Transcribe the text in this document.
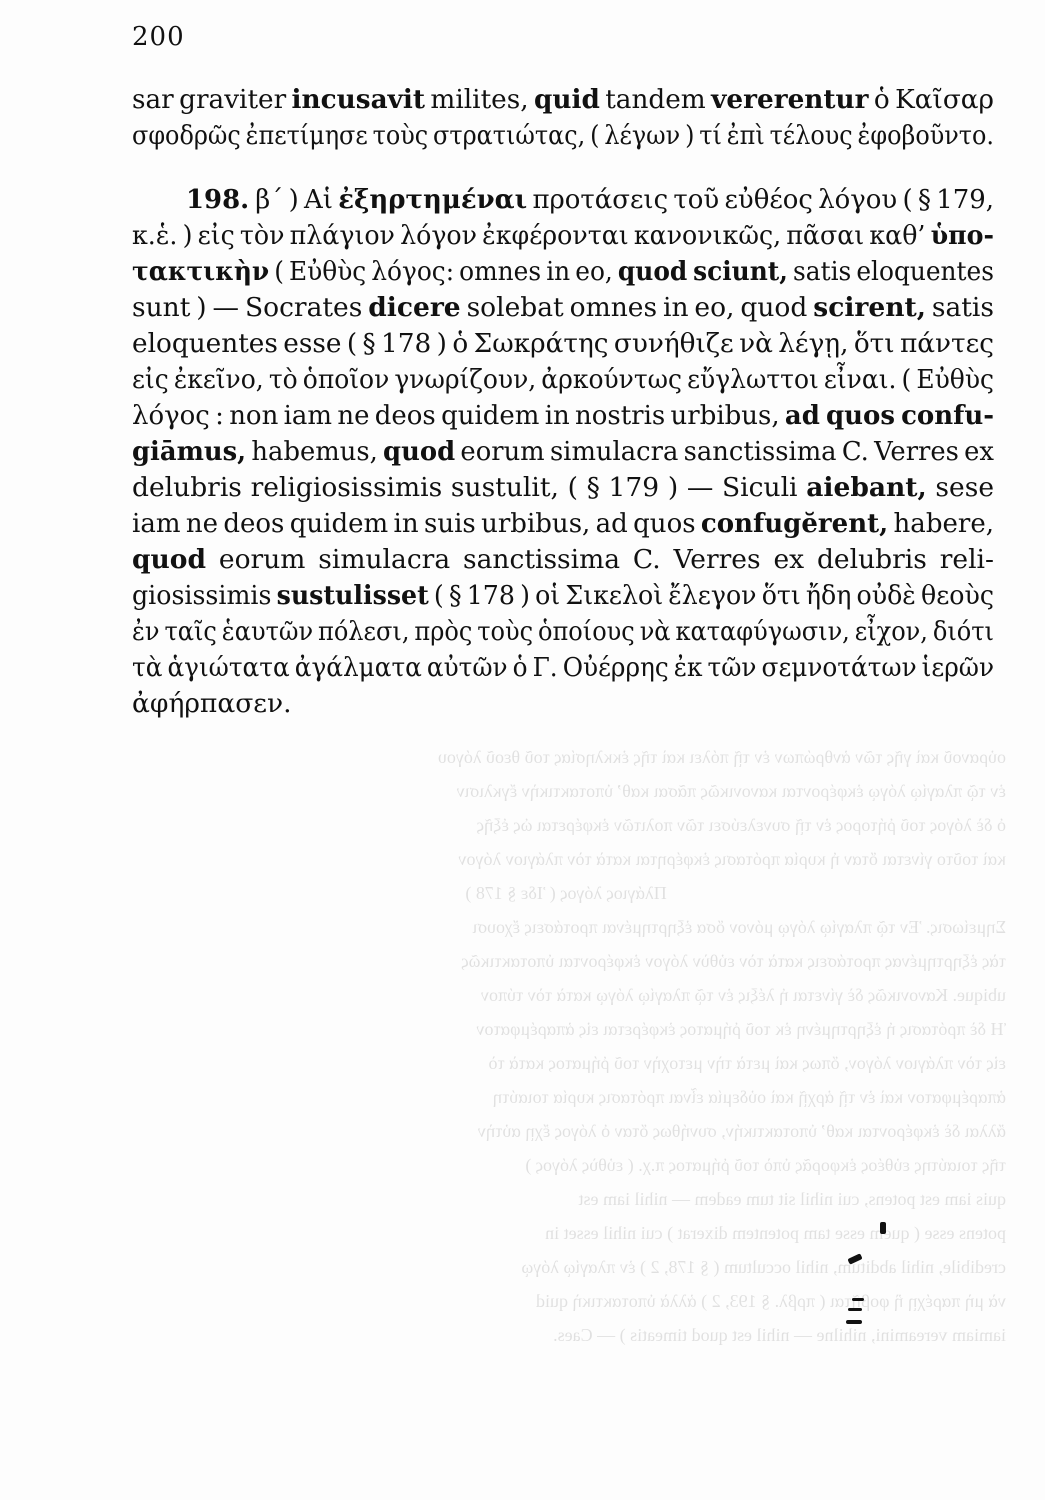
200
sar graviter incusavit milites, quid tandem vererentur ὁ Καῖσαρ
σφοδρῶς ἐπετίμησε τοὺς στρατιώτας, ( λέγων ) τί ἐπὶ τέλους ἐφοβοῦντο.
198. β΄ ) Αἱ ἐξηρτημέναι προτάσεις τοῦ εὐθέος λόγου ( § 179,
κ.ἑ. ) εἰς τὸν πλάγιον λόγον ἐκφέρονται κανονικῶς, πᾶσαι καθ’ ὑπο-
τακτικὴν ( Εὐθὺς λόγος: omnes in eo, quod sciunt, satis eloquentes
sunt ) — Socrates dicere solebat omnes in eo, quod scirent, satis
eloquentes esse ( § 178 ) ὁ Σωκράτης συνήθιζε νὰ λέγῃ, ὅτι πάντες
εἰς ἐκεῖνο, τὸ ὁποῖον γνωρίζουν, ἀρκούντως εὔγλωττοι εἶναι. ( Εὐθὺς
λόγος : non iam ne deos quidem in nostris urbibus, ad quos confu-
giāmus, habemus, quod eorum simulacra sanctissima C. Verres ex
delubris religiosissimis sustulit, ( § 179 ) — Siculi aiebant, sese
iam ne deos quidem in suis urbibus, ad quos confugĕrent, habere,
quod eorum simulacra sanctissima C. Verres ex delubris reli-
giosissimis sustulisset ( § 178 ) οἱ Σικελοὶ ἔλεγον ὅτι ἤδη οὐδὲ θεοὺς
ἐν ταῖς ἑαυτῶν πόλεσι, πρὸς τοὺς ὁποίους νὰ καταφύγωσιν, εἶχον, διότι
τὰ ἁγιώτατα ἀγάλματα αὐτῶν ὁ Γ. Οὐέρρης ἐκ τῶν σεμνοτάτων ἱερῶν
ἀφήρπασεν.
οὐρανοῦ καὶ γῆς τῶν ἀνθρώπων ἐν τῇ πόλει καὶ τῆς ἐκκλησίας τοῦ θεοῦ λόγου
ἐν τῷ πλαγίῳ λόγῳ ἐκφέρονται κανονικῶς πᾶσαι καθ’ ὑποτακτικὴν ἔγκλισιν
ὁ δὲ λόγος τοῦ ῥήτορος ἐν τῇ συνελεύσει τῶν πολιτῶν ἐκφέρεται ὡς ἑξῆς
καὶ τοῦτο γίνεται ὅταν ἡ κυρία πρότασις ἐκφέρηται κατὰ τὸν πλάγιον λόγον
Πλάγιος λόγος ( Ἰδε § 178 )
Σημείωσις. Ἐν τῷ πλαγίῳ λόγῳ μόνον ὅσα ἐξηρτημέναι προτάσεις ἔχουσι
τὰς ἐξηρτημένας προτάσεις κατὰ τὸν εὐθὺν λόγον ἐκφέρονται ὑποτακτικῶς
ubique. Κανονικῶς δὲ γίνεται ἡ λέξις ἐν τῷ πλαγίῳ λόγῳ κατὰ τὸν τύπον
Ἡ δὲ πρότασις ἡ ἐξηρτημένη ἐκ τοῦ ῥήματος ἐκφέρεται εἰς ἀπαρέμφατον
εἰς τὸν πλάγιον λόγον, ὅπως καὶ μετὰ τὴν μετοχὴν τοῦ ῥήματος κατὰ τὸ
ἀπαρέμφατον καὶ ἐν τῇ ἀρχῇ καὶ οὐδεμία εἶναι πρότασις κυρία τοιαύτη
ἄλλαι δὲ ἐκφέρονται καθ’ ὑποτακτικήν, συνήθως ὅταν ὁ λόγος ἔχῃ αὐτὴν
τῆς τοιαύτης εὐθέος ἐκφορᾶς ὑπὸ τοῦ ῥήματος π.χ. ( εὐθὺς λόγος )
quis iam est potens, cui nihil sit tum eadem — nihil iam est
potens esse ( quem esse tam potentem dixerat ) cui nihil esset in
credibile, nihil abditum, nihil occultum ( § 178, 2 ) ἐν πλαγίῳ λόγῳ
νὰ μὴ παρέχῃ ἢ φοβῆται ( πρβλ. § 193, 2 ) ἀλλὰ ὑποτακτικὴ quid
iamiam vereamini, nihilne — nihil est quod timeatis ) — Caes.
